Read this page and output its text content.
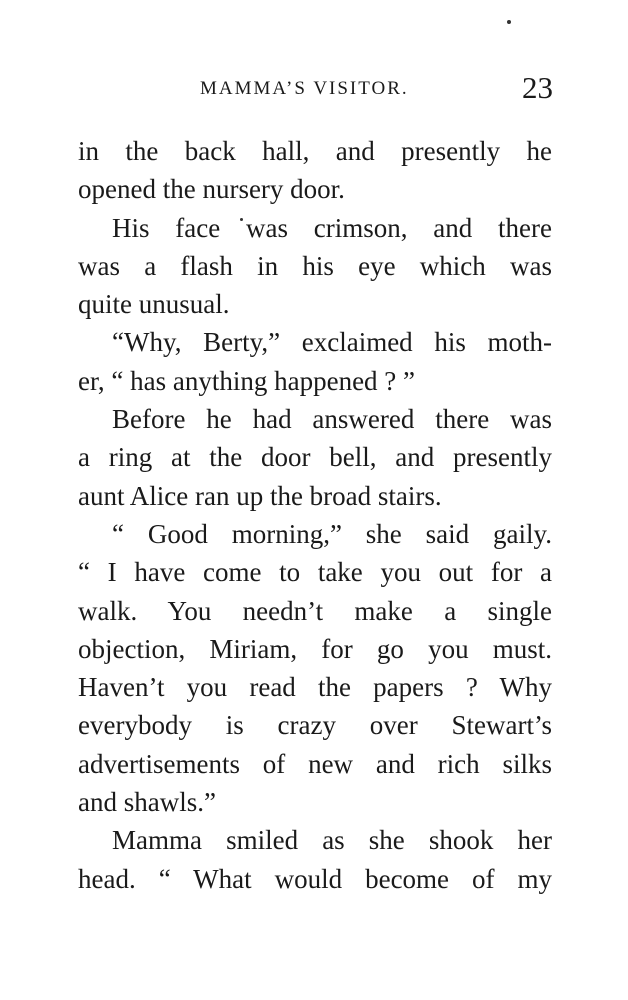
MAMMA’S VISITOR.	23
in the back hall, and presently he
opened the nursery door.
His face was crimson, and there
was a flash in his eye which was
quite unusual.
“Why, Berty,” exclaimed his moth-
er, “ has anything happened ? ”
Before he had answered there was
a ring at the door bell, and presently
aunt Alice ran up the broad stairs.
“ Good morning,” she said gaily.
“ I have come to take you out for a
walk. You needn’t make a single
objection, Miriam, for go you must.
Haven’t you read the papers ? Why
everybody is crazy over Stewart’s
advertisements of new and rich silks
and shawls.”
Mamma smiled as she shook her
head. “ What would become of my
